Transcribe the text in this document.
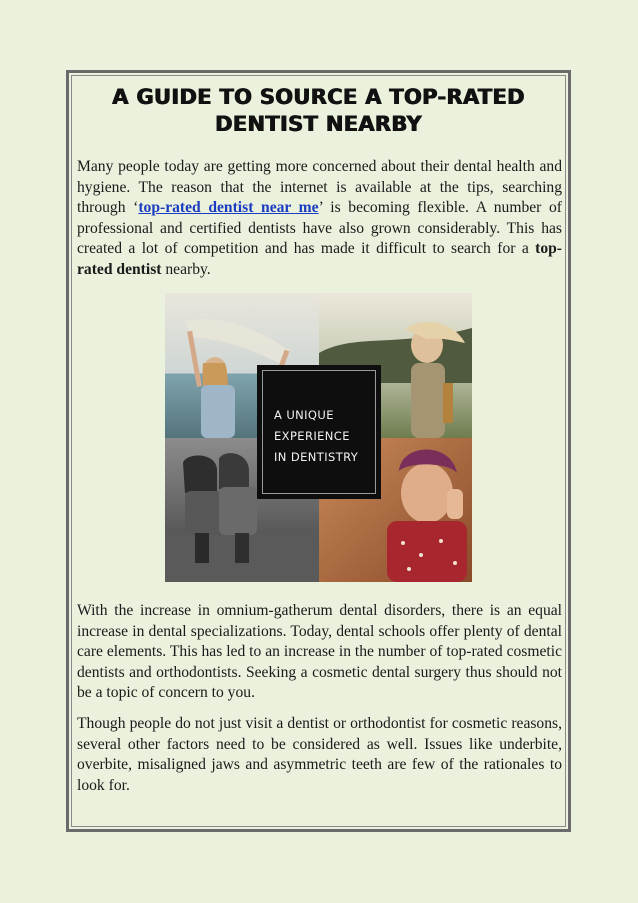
A GUIDE TO SOURCE A TOP-RATED
DENTIST NEARBY

Many people today are getting more concerned about their dental health and hygiene. The reason that the internet is available at the tips, searching through ‘top-rated dentist near me’ is becoming flexible. A number of professional and certified dentists have also grown considerably. This has created a lot of competition and has made it difficult to search for a top-rated dentist nearby.

A UNIQUE
EXPERIENCE
IN DENTISTRY

With the increase in omnium-gatherum dental disorders, there is an equal increase in dental specializations. Today, dental schools offer plenty of dental care elements. This has led to an increase in the number of top-rated cosmetic dentists and orthodontists. Seeking a cosmetic dental surgery thus should not be a topic of concern to you.

Though people do not just visit a dentist or orthodontist for cosmetic reasons, several other factors need to be considered as well. Issues like underbite, overbite, misaligned jaws and asymmetric teeth are few of the rationales to look for.
